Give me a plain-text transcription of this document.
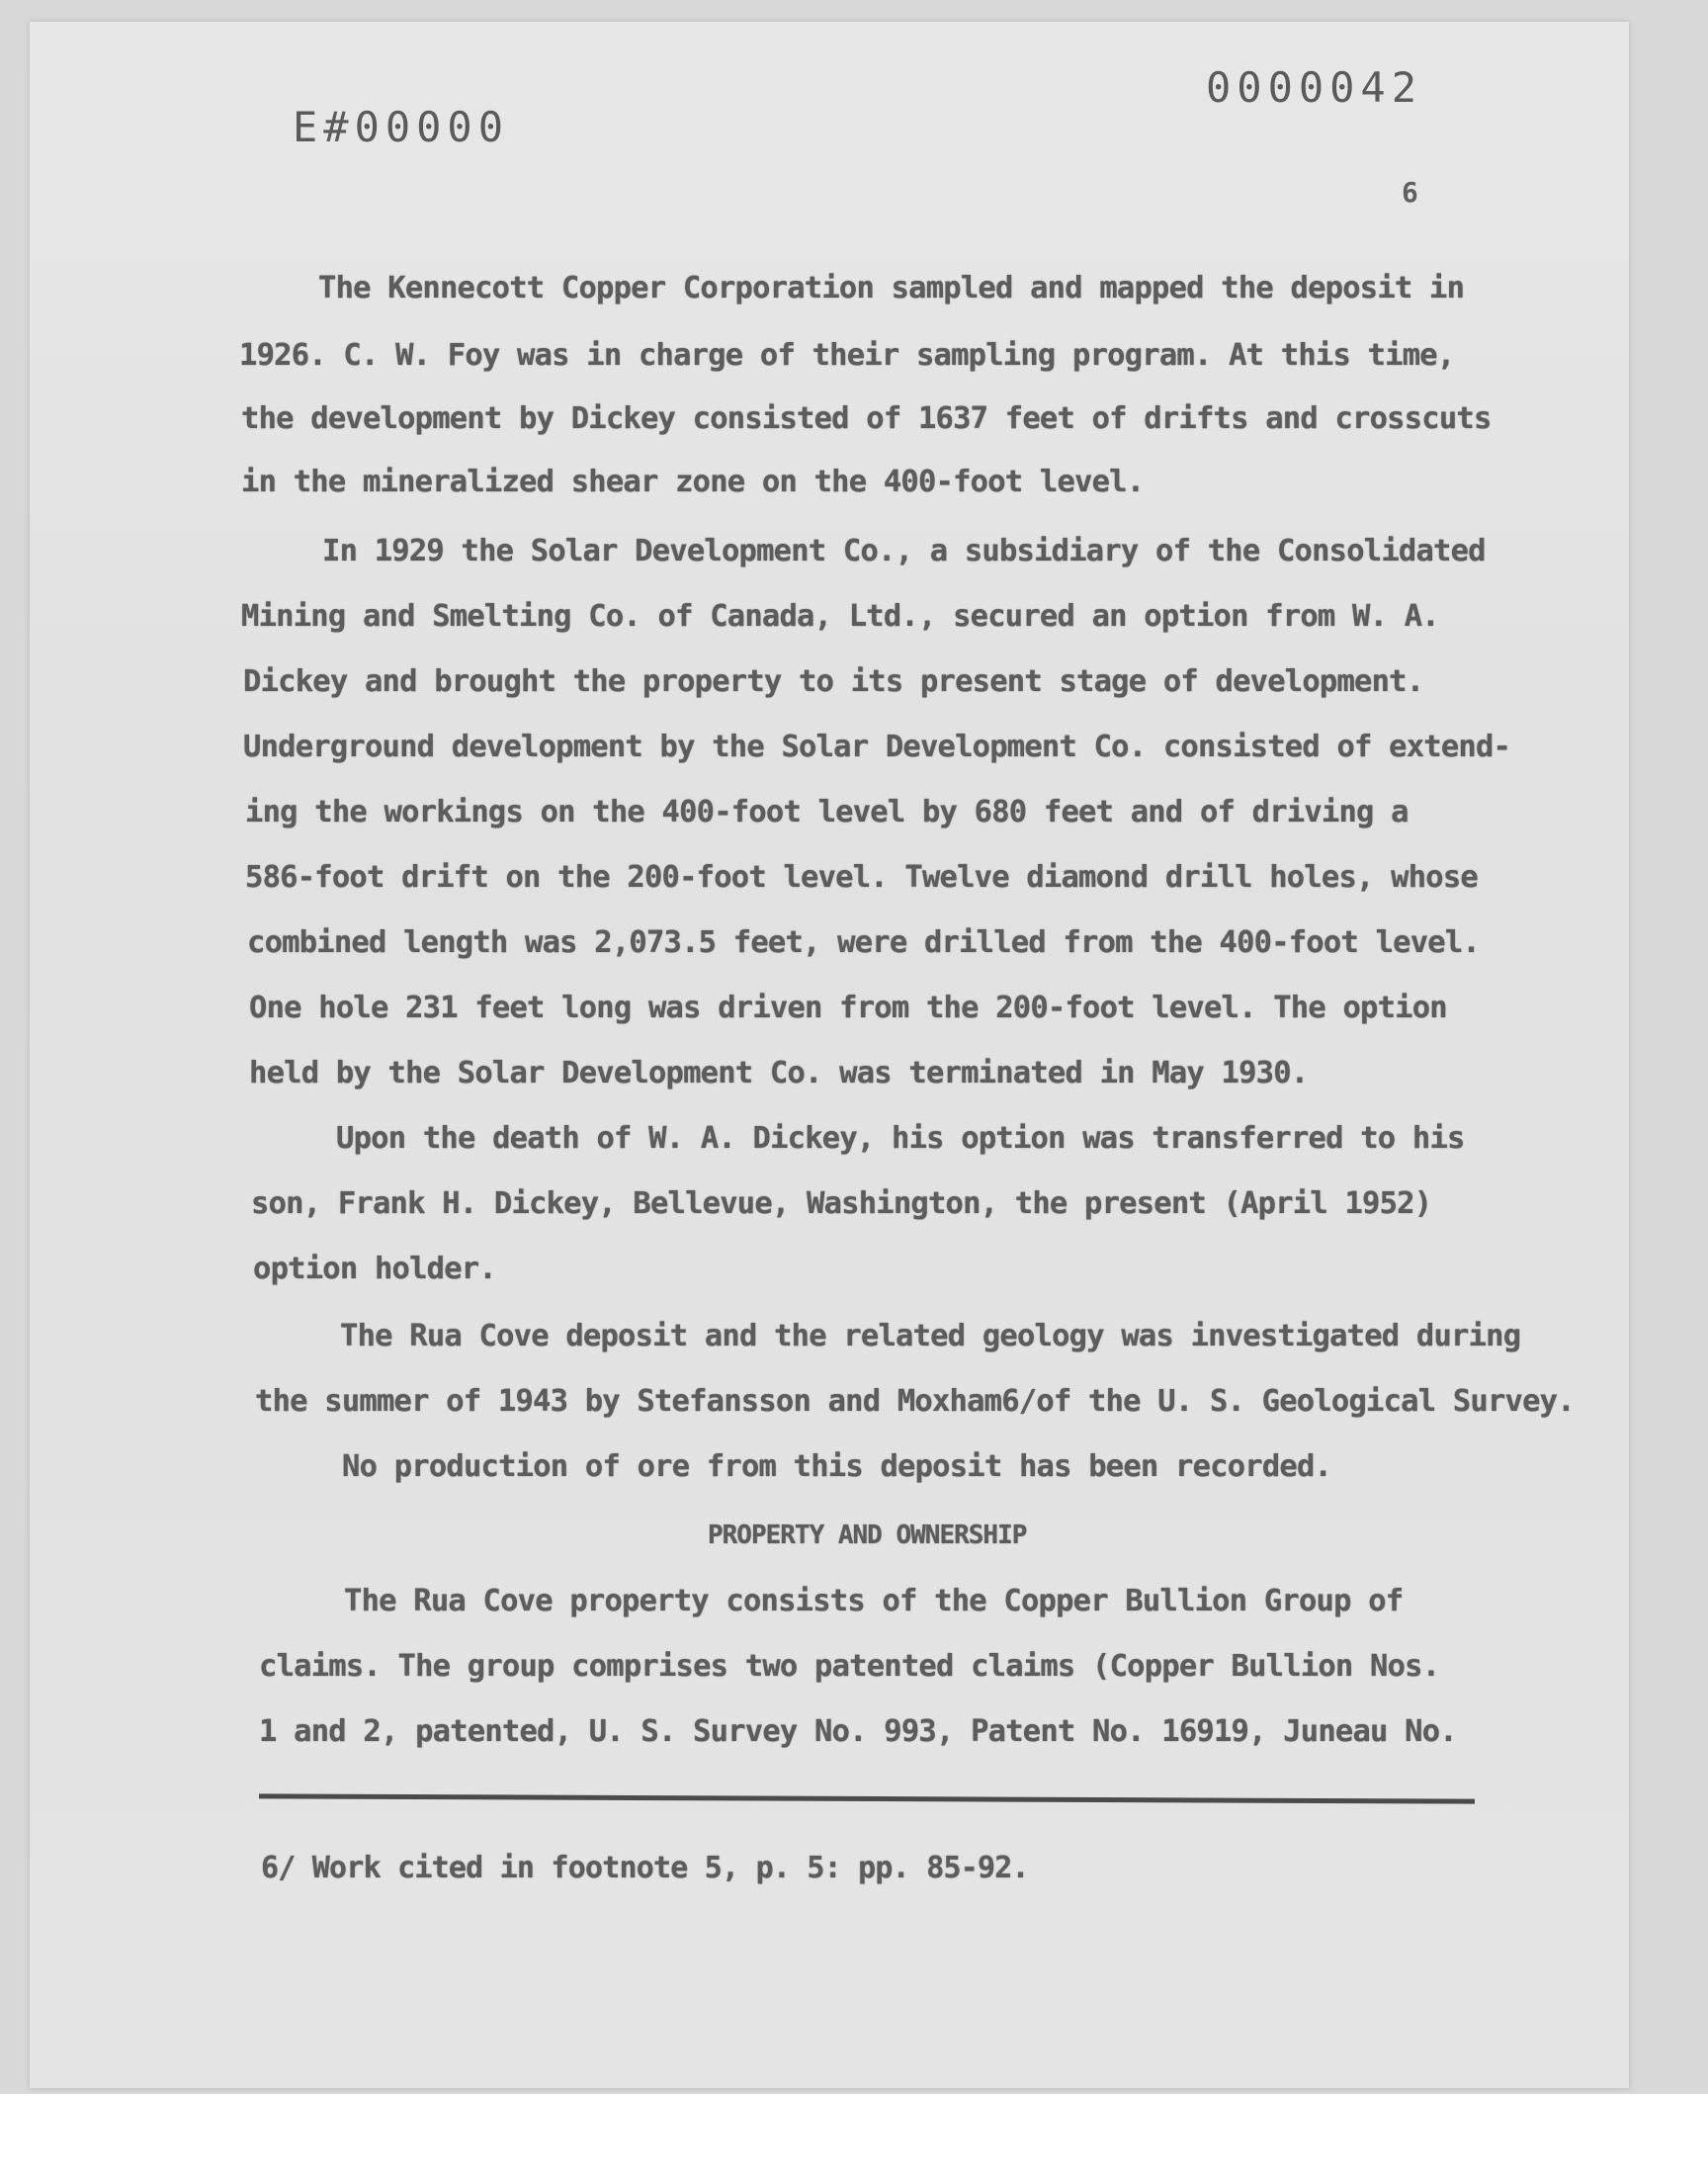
0000042
E#00000
6
The Kennecott Copper Corporation sampled and mapped the deposit in
1926. C. W. Foy was in charge of their sampling program. At this time,
the development by Dickey consisted of 1637 feet of drifts and crosscuts
in the mineralized shear zone on the 400-foot level.
In 1929 the Solar Development Co., a subsidiary of the Consolidated
Mining and Smelting Co. of Canada, Ltd., secured an option from W. A.
Dickey and brought the property to its present stage of development.
Underground development by the Solar Development Co. consisted of extend-
ing the workings on the 400-foot level by 680 feet and of driving a
586-foot drift on the 200-foot level. Twelve diamond drill holes, whose
combined length was 2,073.5 feet, were drilled from the 400-foot level.
One hole 231 feet long was driven from the 200-foot level. The option
held by the Solar Development Co. was terminated in May 1930.
Upon the death of W. A. Dickey, his option was transferred to his
son, Frank H. Dickey, Bellevue, Washington, the present (April 1952)
option holder.
The Rua Cove deposit and the related geology was investigated during
the summer of 1943 by Stefansson and Moxham6/of the U. S. Geological Survey.
No production of ore from this deposit has been recorded.
PROPERTY AND OWNERSHIP
The Rua Cove property consists of the Copper Bullion Group of
claims. The group comprises two patented claims (Copper Bullion Nos.
1 and 2, patented, U. S. Survey No. 993, Patent No. 16919, Juneau No.
6/ Work cited in footnote 5, p. 5: pp. 85-92.
